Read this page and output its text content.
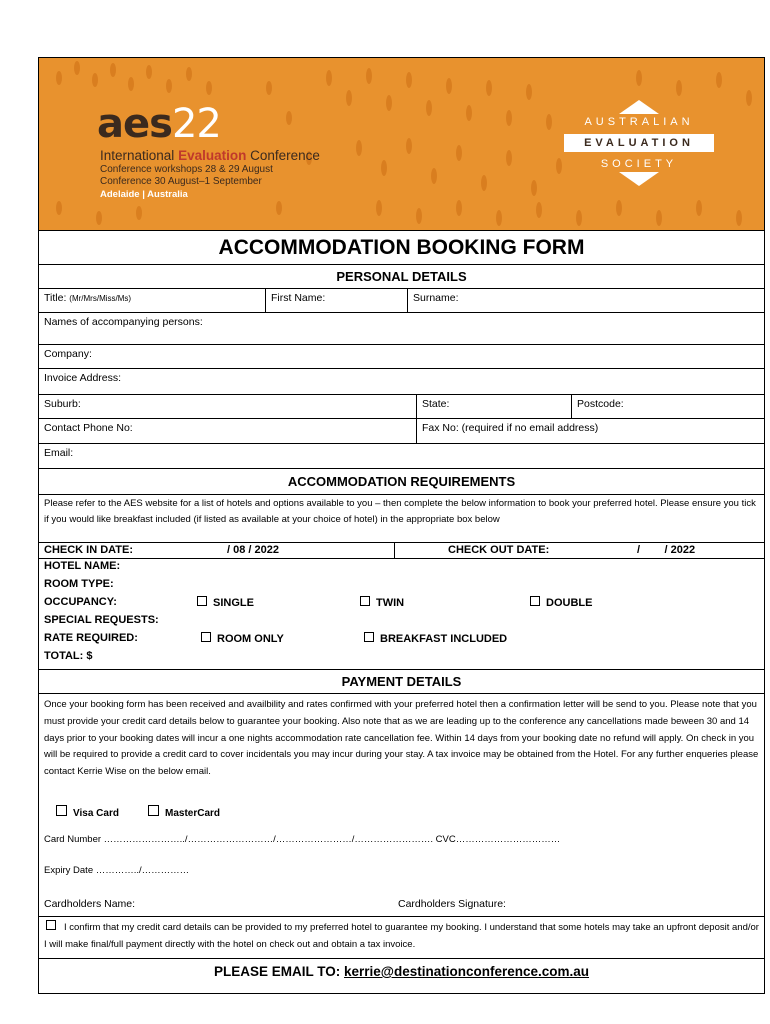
aes22
International Evaluation Conference
Conference workshops 28 & 29 August
Conference 30 August–1 September
Adelaide | Australia
AUSTRALIAN
EVALUATION
SOCIETY
ACCOMMODATION BOOKING FORM
PERSONAL DETAILS
Title: (Mr/Mrs/Miss/Ms)	First Name:	Surname:
Names of accompanying persons:
Company:
Invoice Address:
Suburb:	State:	Postcode:
Contact Phone No:	Fax No: (required if no email address)
Email:
ACCOMMODATION REQUIREMENTS
Please refer to the AES website for a list of hotels and options available to you – then complete the below information to book your preferred hotel. Please ensure you tick if you would like breakfast included (if listed as available at your choice of hotel) in the appropriate box below
CHECK IN DATE:	/ 08 / 2022	CHECK OUT DATE:	/        / 2022
HOTEL NAME:
ROOM TYPE:
OCCUPANCY:	SINGLE	TWIN	DOUBLE
SPECIAL REQUESTS:
RATE REQUIRED:	ROOM ONLY	BREAKFAST INCLUDED
TOTAL: $
PAYMENT DETAILS
Once your booking form has been received and availbility and rates confirmed with your preferred hotel then a confirmation letter will be send to you. Please note that you must provide your credit card details below to guarantee your booking. Also note that as we are leading up to the conference any cancellations made beween 30 and 14 days prior to your booking dates will incur a one nights accommodation rate cancellation fee. Within 14 days from your booking date no refund will apply. On check in you will be required to provide a credit card to cover incidentals you may incur during your stay. A tax invoice may be obtained from the Hotel. For any further enqueries please contact Kerrie Wise on the below email.
Visa Card	MasterCard
Card Number ……………………../………………………/……………………/……………………. CVC……………………………
Expiry Date …………../……………
Cardholders Name:	Cardholders Signature:
I confirm that my credit card details can be provided to my preferred hotel to guarantee my booking. I understand that some hotels may take an upfront deposit and/or I will make final/full payment directly with the hotel on check out and obtain a tax invoice.
PLEASE EMAIL TO: kerrie@destinationconference.com.au
